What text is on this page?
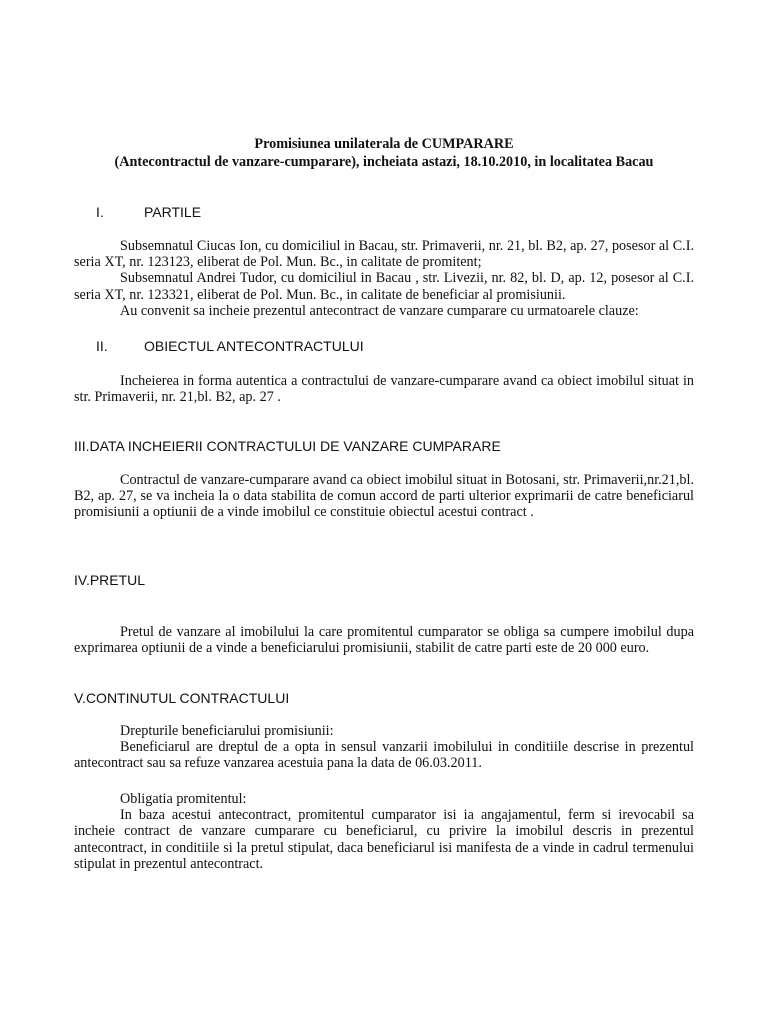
Promisiunea unilaterala de CUMPARARE
(Antecontractul de vanzare-cumparare), incheiata astazi, 18.10.2010, in localitatea Bacau
I.	PARTILE

Subsemnatul Ciucas Ion, cu domiciliul in Bacau, str. Primaverii, nr. 21, bl. B2, ap. 27, posesor al C.I. seria XT, nr. 123123, eliberat de Pol. Mun. Bc., in calitate de promitent;

Subsemnatul Andrei Tudor, cu domiciliul in Bacau , str. Livezii, nr. 82, bl. D, ap. 12, posesor al C.I. seria XT, nr. 123321, eliberat de Pol. Mun. Bc., in calitate de beneficiar al promisiunii.

Au convenit sa incheie prezentul antecontract de vanzare cumparare cu urmatoarele clauze:

II.	OBIECTUL ANTECONTRACTULUI

Incheierea in forma autentica a contractului de vanzare-cumparare avand ca obiect imobilul situat in str. Primaverii, nr. 21,bl. B2, ap. 27 .

III.DATA INCHEIERII CONTRACTULUI DE VANZARE CUMPARARE

Contractul de vanzare-cumparare avand ca obiect imobilul situat in Botosani, str. Primaverii,nr.21,bl. B2, ap. 27, se va incheia la o data stabilita de comun accord de parti ulterior exprimarii de catre beneficiarul promisiunii a optiunii de a vinde imobilul ce constituie obiectul acestui contract .

IV.PRETUL

Pretul de vanzare al imobilului la care promitentul cumparator se obliga sa cumpere imobilul dupa exprimarea optiunii de a vinde a beneficiarului promisiunii, stabilit de catre parti este de 20 000 euro.

V.CONTINUTUL CONTRACTULUI

Drepturile beneficiarului promisiunii:

Beneficiarul are dreptul de a opta in sensul vanzarii imobilului in conditiile descrise in prezentul antecontract sau sa refuze vanzarea acestuia pana la data de 06.03.2011.

Obligatia promitentul:

In baza acestui antecontract, promitentul cumparator isi ia angajamentul, ferm si irevocabil sa incheie contract de vanzare cumparare cu beneficiarul, cu privire la imobilul descris in prezentul antecontract, in conditiile si la pretul stipulat, daca beneficiarul isi manifesta de a vinde in cadrul termenului stipulat in prezentul antecontract.
